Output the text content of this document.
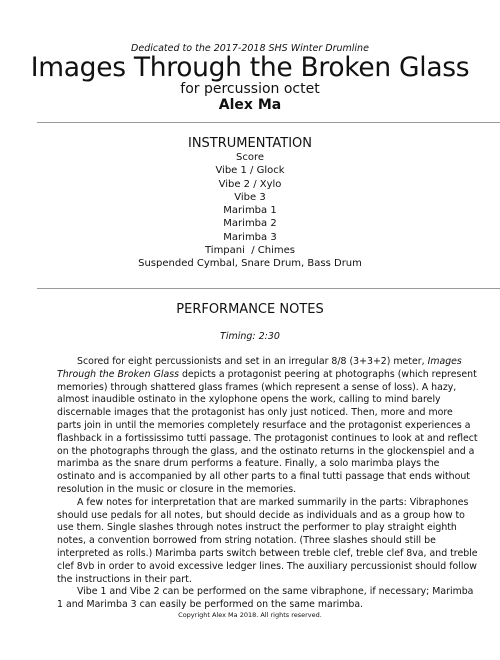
Dedicated to the 2017-2018 SHS Winter Drumline
Images Through the Broken Glass
for percussion octet
Alex Ma
INSTRUMENTATION
Score
Vibe 1 / Glock
Vibe 2 / Xylo
Vibe 3
Marimba 1
Marimba 2
Marimba 3
Timpani  / Chimes
Suspended Cymbal, Snare Drum, Bass Drum
PERFORMANCE NOTES
Timing: 2:30

Scored for eight percussionists and set in an irregular 8/8 (3+3+2) meter, Images Through the Broken Glass depicts a protagonist peering at photographs (which represent memories) through shattered glass frames (which represent a sense of loss). A hazy, almost inaudible ostinato in the xylophone opens the work, calling to mind barely discernable images that the protagonist has only just noticed. Then, more and more parts join in until the memories completely resurface and the protagonist experiences a flashback in a fortississimo tutti passage. The protagonist continues to look at and reflect on the photographs through the glass, and the ostinato returns in the glockenspiel and a marimba as the snare drum performs a feature. Finally, a solo marimba plays the ostinato and is accompanied by all other parts to a final tutti passage that ends without resolution in the music or closure in the memories.

A few notes for interpretation that are marked summarily in the parts: Vibraphones should use pedals for all notes, but should decide as individuals and as a group how to use them. Single slashes through notes instruct the performer to play straight eighth notes, a convention borrowed from string notation. (Three slashes should still be interpreted as rolls.) Marimba parts switch between treble clef, treble clef 8va, and treble clef 8vb in order to avoid excessive ledger lines. The auxiliary percussionist should follow the instructions in their part.

Vibe 1 and Vibe 2 can be performed on the same vibraphone, if necessary; Marimba 1 and Marimba 3 can easily be performed on the same marimba.

Copyright Alex Ma 2018. All rights reserved.
